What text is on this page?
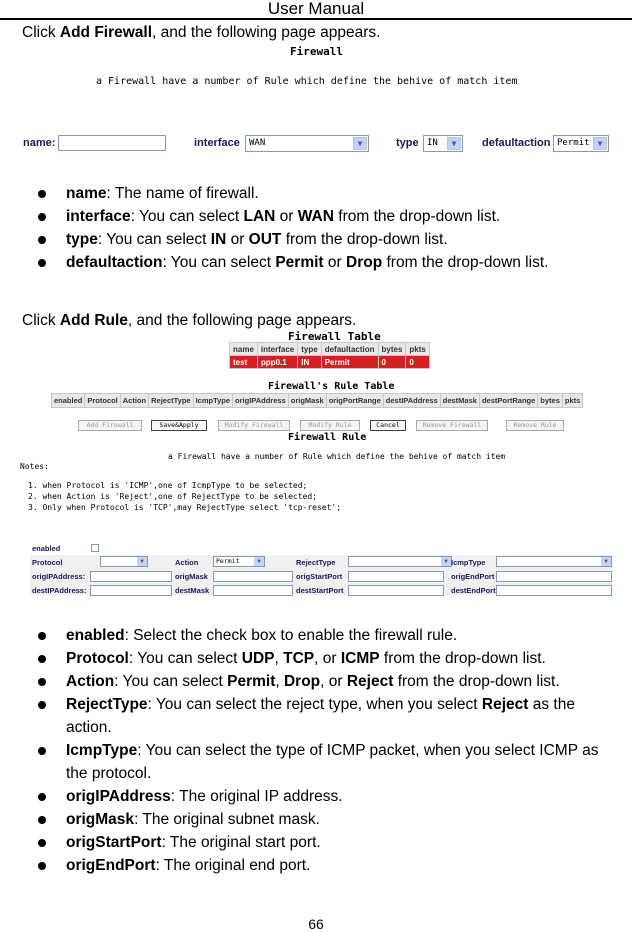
User Manual
Click Add Firewall, and the following page appears.
Firewall
a Firewall have a number of Rule which define the behive of match item
name:	interface	WAN	▼	type IN	▼	defaultaction Permit	▼
name: The name of firewall.
interface: You can select LAN or WAN from the drop-down list.
type: You can select IN or OUT from the drop-down list.
defaultaction: You can select Permit or Drop from the drop-down list.
Click Add Rule, and the following page appears.
Firewall Table
name	interface	type	defaultaction	bytes	pkts
test	ppp0.1	IN	Permit	0	0
Firewall's Rule Table
enabled	Protocol	Action	RejectType	IcmpType	origIPAddress	origMask	origPortRange	destIPAddress	destMask	destPortRange	bytes	pkts
Add Firewall	Save&Apply	Modify Firewall	Modify Rule	Cancel	Remove Firewall	Remove Rule
Firewall Rule
a Firewall have a number of Rule which define the behive of match item
Notes:
1. when Protocol is 'ICMP',one of IcmpType to be selected;
2. when Action is 'Reject',one of RejectType to be selected;
3. Only when Protocol is 'TCP',may RejectType select 'tcp-reset';
enabled
Protocol	▼	Action	Permit	▼	RejectType	▼ IcmpType	▼
origIPAddress:	origMask	origStartPort	origEndPort
destIPAddress:	destMask	destStartPort	destEndPort
enabled: Select the check box to enable the firewall rule.
Protocol: You can select UDP, TCP, or ICMP from the drop-down list.
Action: You can select Permit, Drop, or Reject from the drop-down list.
RejectType: You can select the reject type, when you select Reject as the action.
IcmpType: You can select the type of ICMP packet, when you select ICMP as the protocol.
origIPAddress: The original IP address.
origMask: The original subnet mask.
origStartPort: The original start port.
origEndPort: The original end port.
66
